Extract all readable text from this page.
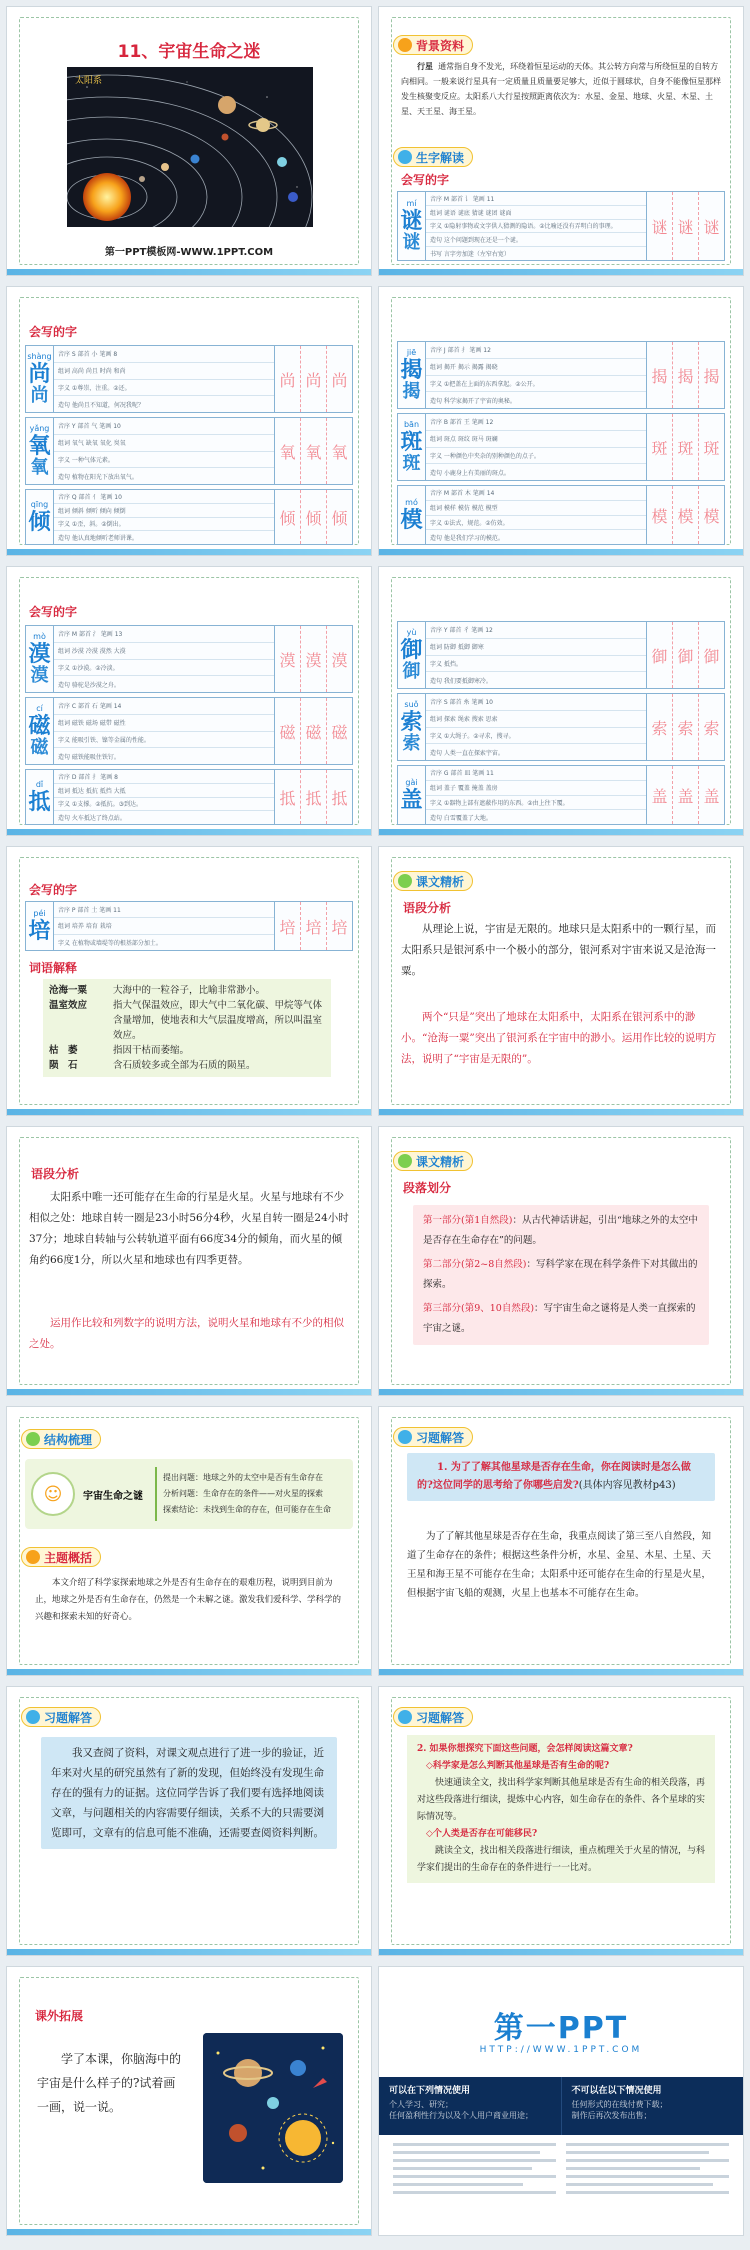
11、宇宙生命之迷
太阳系
第一PPT模板网-WWW.1PPT.COM
背景资料
行星 通常指自身不发光，环绕着恒星运动的天体。其公转方向常与所绕恒星的自转方向相同。一般来说行星具有一定质量且质量要足够大，近似于圆球状，自身不能像恒星那样发生核聚变反应。太阳系八大行星按照距离依次为：水星、金星、地球、火星、木星、土星、天王星、海王星。
生字解读
会写的字
mí
谜
谜
音序 M 部首 讠 笔画 11
组词 谜语 谜底 猜谜 谜团 谜面
字义 ①隐射事物或文字供人猜测的隐语。②比喻还没有弄明白的事理。
造句 这个问题到现在还是一个谜。
书写 言字旁加迷（左窄右宽）
谜 谜 谜
会写的字
shàng
尚
尚
音序 S 部首 小 笔画 8
组词 高尚 尚且 时尚 和尚
字义 ①尊崇，注重。②还。
造句 他尚且不知道，何况我呢？
尚 尚 尚
yǎng
氧
氧
音序 Y 部首 气 笔画 10
组词 氧气 缺氧 氧化 臭氧
字义 一种气体元素。
造句 植物在阳光下放出氧气。
氧 氧 氧
qīng
倾
音序 Q 部首 亻 笔画 10
组词 倾斜 倾听 倾向 倾倒
字义 ①歪，斜。②倒出。
造句 他认真地倾听老师讲课。
倾 倾 倾
jiē
揭
揭
音序 J 部首 扌 笔画 12
组词 揭开 揭示 揭露 揭晓
字义 ①把盖在上面的东西拿起。②公开。
造句 科学家揭开了宇宙的奥秘。
揭 揭 揭
bān
斑
斑
音序 B 部首 王 笔画 12
组词 斑点 斑纹 斑马 斑斓
字义 一种颜色中夹杂的别种颜色的点子。
造句 小鹿身上有美丽的斑点。
斑 斑 斑
mó
模
音序 M 部首 木 笔画 14
组词 模样 模仿 模范 模型
字义 ①法式，规范。②仿效。
造句 他是我们学习的模范。
模 模 模
会写的字
mò
漠
漠
音序 M 部首 氵 笔画 13
组词 沙漠 冷漠 漠然 大漠
字义 ①沙漠。②冷淡。
造句 骆驼是沙漠之舟。
漠 漠 漠
cí
磁
磁
音序 C 部首 石 笔画 14
组词 磁铁 磁场 磁带 磁性
字义 能吸引铁、镍等金属的性能。
造句 磁铁能吸住铁钉。
磁 磁 磁
dǐ
抵
音序 D 部首 扌 笔画 8
组词 抵达 抵抗 抵挡 大抵
字义 ①支撑。②抵抗。③到达。
造句 火车抵达了终点站。
抵 抵 抵
yù
御
御
音序 Y 部首 彳 笔画 12
组词 防御 抵御 御寒
字义 抵挡。
造句 我们要抵御寒冷。
御 御 御
suǒ
索
索
音序 S 部首 糸 笔画 10
组词 探索 绳索 搜索 思索
字义 ①大绳子。②寻求，搜寻。
造句 人类一直在探索宇宙。
索 索 索
gài
盖
音序 G 部首 皿 笔画 11
组词 盖子 覆盖 掩盖 盖房
字义 ①器物上部有遮蔽作用的东西。②由上往下覆。
造句 白雪覆盖了大地。
盖 盖 盖
会写的字
péi
培
音序 P 部首 土 笔画 11
组词 培养 培育 栽培
字义 在植物或墙堤等的根基部分加土。
培 培 培
词语解释
沧海一粟	大海中的一粒谷子，比喻非常渺小。
温室效应	指大气保温效应，即大气中二氧化碳、甲烷等气体含量增加，使地表和大气层温度增高，所以叫温室效应。
枯　萎	指因干枯而萎缩。
陨　石	含石质较多或全部为石质的陨星。
课文精析
语段分析
从理论上说，宇宙是无限的。地球只是太阳系中的一颗行星，而太阳系只是银河系中一个极小的部分，银河系对宇宙来说又是沧海一粟。
两个“只是”突出了地球在太阳系中，太阳系在银河系中的渺小。“沧海一粟”突出了银河系在宇宙中的渺小。运用作比较的说明方法，说明了“宇宙是无限的”。
语段分析
太阳系中唯一还可能存在生命的行星是火星。火星与地球有不少相似之处：地球自转一圈是23小时56分4秒，火星自转一圈是24小时37分；地球自转轴与公转轨道平面有66度34分的倾角，而火星的倾角约66度1分，所以火星和地球也有四季更替。
运用作比较和列数字的说明方法，说明火星和地球有不少的相似之处。
课文精析
段落划分
第一部分(第1自然段)：从古代神话讲起，引出“地球之外的太空中是否存在生命存在”的问题。
第二部分(第2~8自然段)：写科学家在现在科学条件下对其做出的探索。
第三部分(第9、10自然段)：写宇宙生命之谜将是人类一直探索的宇宙之谜。
结构梳理
☺	宇宙生命之谜
提出问题：地球之外的太空中是否有生命存在
分析问题：生命存在的条件——对火星的探索
探索结论：未找到生命的存在，但可能存在生命
主题概括
本文介绍了科学家探索地球之外是否有生命存在的艰难历程，说明到目前为止，地球之外是否有生命存在，仍然是一个未解之谜。激发我们爱科学、学科学的兴趣和探索未知的好奇心。
习题解答
1. 为了了解其他星球是否存在生命，你在阅读时是怎么做的?这位同学的思考给了你哪些启发?(具体内容见教材p43)
为了了解其他星球是否存在生命，我重点阅读了第三至八自然段，知道了生命存在的条件；根据这些条件分析，水星、金星、木星、土星、天王星和海王星不可能存在生命；太阳系中还可能存在生命的行星是火星，但根据宇宙飞船的观测，火星上也基本不可能存在生命。
习题解答
我又查阅了资料，对课文观点进行了进一步的验证，近年来对火星的研究虽然有了新的发现，但始终没有发现生命存在的强有力的证据。这位同学告诉了我们要有选择地阅读文章，与问题相关的内容需要仔细读，关系不大的只需要浏览即可，文章有的信息可能不准确，还需要查阅资料判断。
习题解答
2. 如果你想探究下面这些问题，会怎样阅读这篇文章?
◇科学家是怎么判断其他星球是否有生命的呢?
快速通读全文，找出科学家判断其他星球是否有生命的相关段落，再对这些段落进行细读，提炼中心内容，如生命存在的条件、各个星球的实际情况等。
◇个人类是否存在可能移民?
跳读全文，找出相关段落进行细读，重点梳理关于火星的情况，与科学家们提出的生命存在的条件进行一一比对。
课外拓展
学了本课，你脑海中的宇宙是什么样子的?试着画一画，说一说。
第一PPT
HTTP://WWW.1PPT.COM
可以在下列情况使用
个人学习、研究；
任何盈利性行为以及个人用户商业用途；
不可以在以下情况使用
任何形式的在线付费下载；
制作后再次发布出售；
